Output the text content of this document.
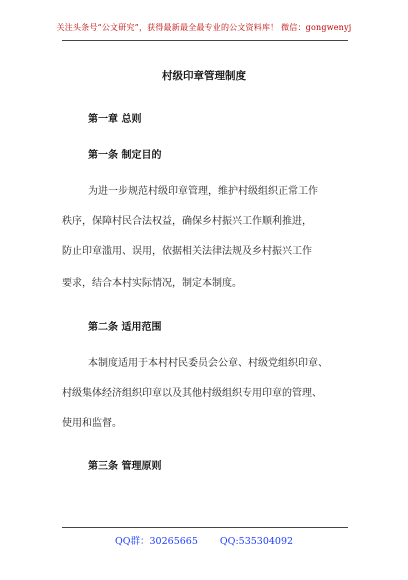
关注头条号“公文研究”，获得最新最全最专业的公文资料库！ 微信：gongwenyj
村级印章管理制度
第一章 总则
第一条 制定目的
为进一步规范村级印章管理，维护村级组织正常工作
秩序，保障村民合法权益，确保乡村振兴工作顺利推进，
防止印章滥用、误用，依据相关法律法规及乡村振兴工作
要求，结合本村实际情况，制定本制度。
第二条 适用范围
本制度适用于本村村民委员会公章、村级党组织印章、
村级集体经济组织印章以及其他村级组织专用印章的管理、
使用和监督。
第三条 管理原则
QQ群：30265665 QQ:535304092
